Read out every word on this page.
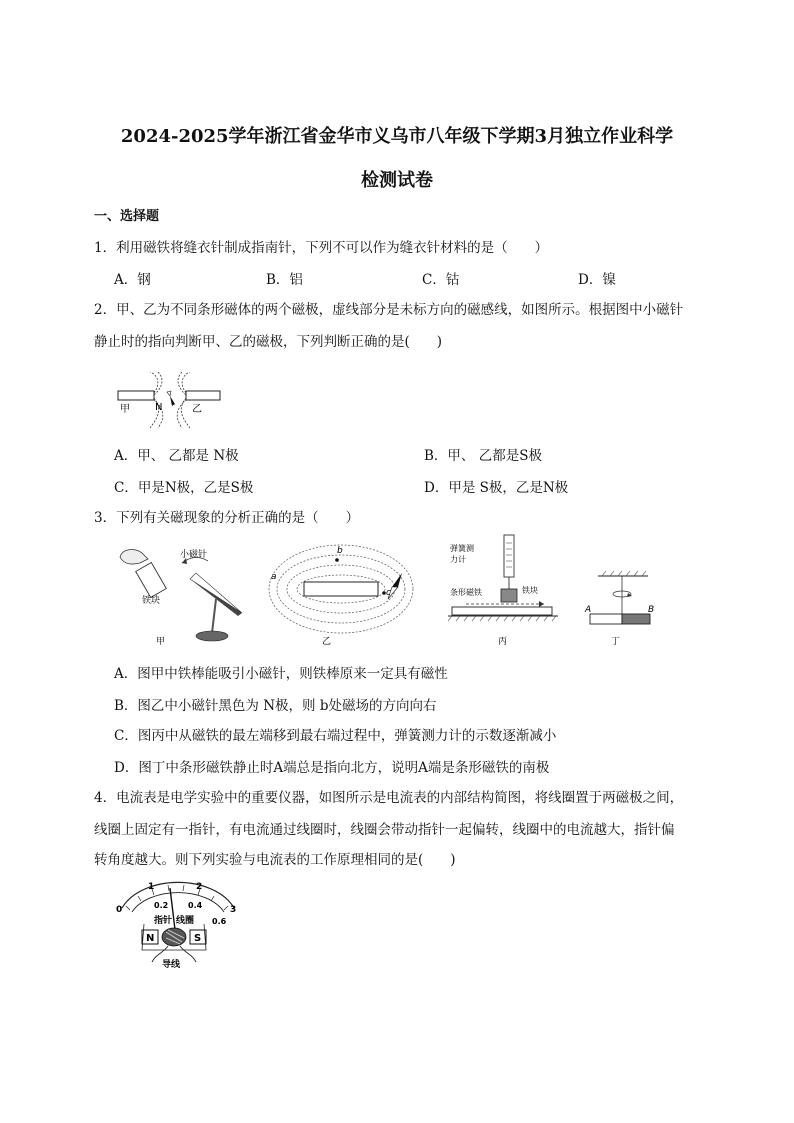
2024-2025学年浙江省金华市义乌市八年级下学期3月独立作业科学
检测试卷
一、选择题
1．利用磁铁将缝衣针制成指南针，下列不可以作为缝衣针材料的是（　　）
A．钢	B．铝	C．钴	D．镍
2．甲、乙为不同条形磁体的两个磁极，虚线部分是未标方向的磁感线，如图所示。根据图中小磁针
静止时的指向判断甲、乙的磁极，下列判断正确的是(　　)
甲	N	乙
A．甲、 乙都是 N极	B．甲、 乙都是S极
C．甲是N极，乙是S极	D．甲是 S极，乙是N极
3．下列有关磁现象的分析正确的是（　　）
小磁针
铁块
甲
b
a
c
乙
弹簧测
力计
条形磁铁	铁块
丙
A	B
丁
A．图甲中铁棒能吸引小磁针，则铁棒原来一定具有磁性
B．图乙中小磁针黑色为 N极，则 b处磁场的方向向右
C．图丙中从磁铁的最左端移到最右端过程中，弹簧测力计的示数逐渐减小
D．图丁中条形磁铁静止时A端总是指向北方，说明A端是条形磁铁的南极
4．电流表是电学实验中的重要仪器，如图所示是电流表的内部结构简图，将线圈置于两磁极之间，
线圈上固定有一指针，有电流通过线圈时，线圈会带动指针一起偏转，线圈中的电流越大，指针偏
转角度越大。则下列实验与电流表的工作原理相同的是(　　)
0
1	2
3
0.2 0.4
0.6
指针 线圈
N	S
导线
